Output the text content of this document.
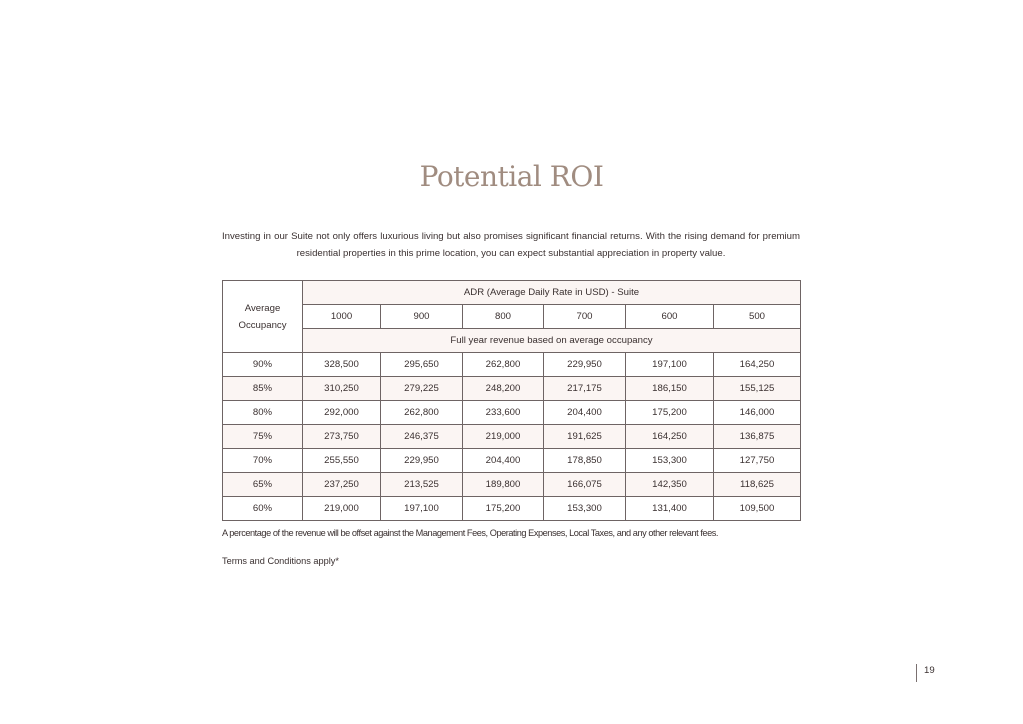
Potential ROI
Investing in our Suite not only offers luxurious living but also promises significant financial returns. With the rising demand for premium residential properties in this prime location, you can expect substantial appreciation in property value.
Average Occupancy	ADR (Average Daily Rate in USD) - Suite					
	1000	900	800	700	600	500
	Full year revenue based on average occupancy					
90%	328,500	295,650	262,800	229,950	197,100	164,250
85%	310,250	279,225	248,200	217,175	186,150	155,125
80%	292,000	262,800	233,600	204,400	175,200	146,000
75%	273,750	246,375	219,000	191,625	164,250	136,875
70%	255,550	229,950	204,400	178,850	153,300	127,750
65%	237,250	213,525	189,800	166,075	142,350	118,625
60%	219,000	197,100	175,200	153,300	131,400	109,500
A percentage of the revenue will be offset against the Management Fees, Operating Expenses, Local Taxes, and any other relevant fees.
Terms and Conditions apply*
19
